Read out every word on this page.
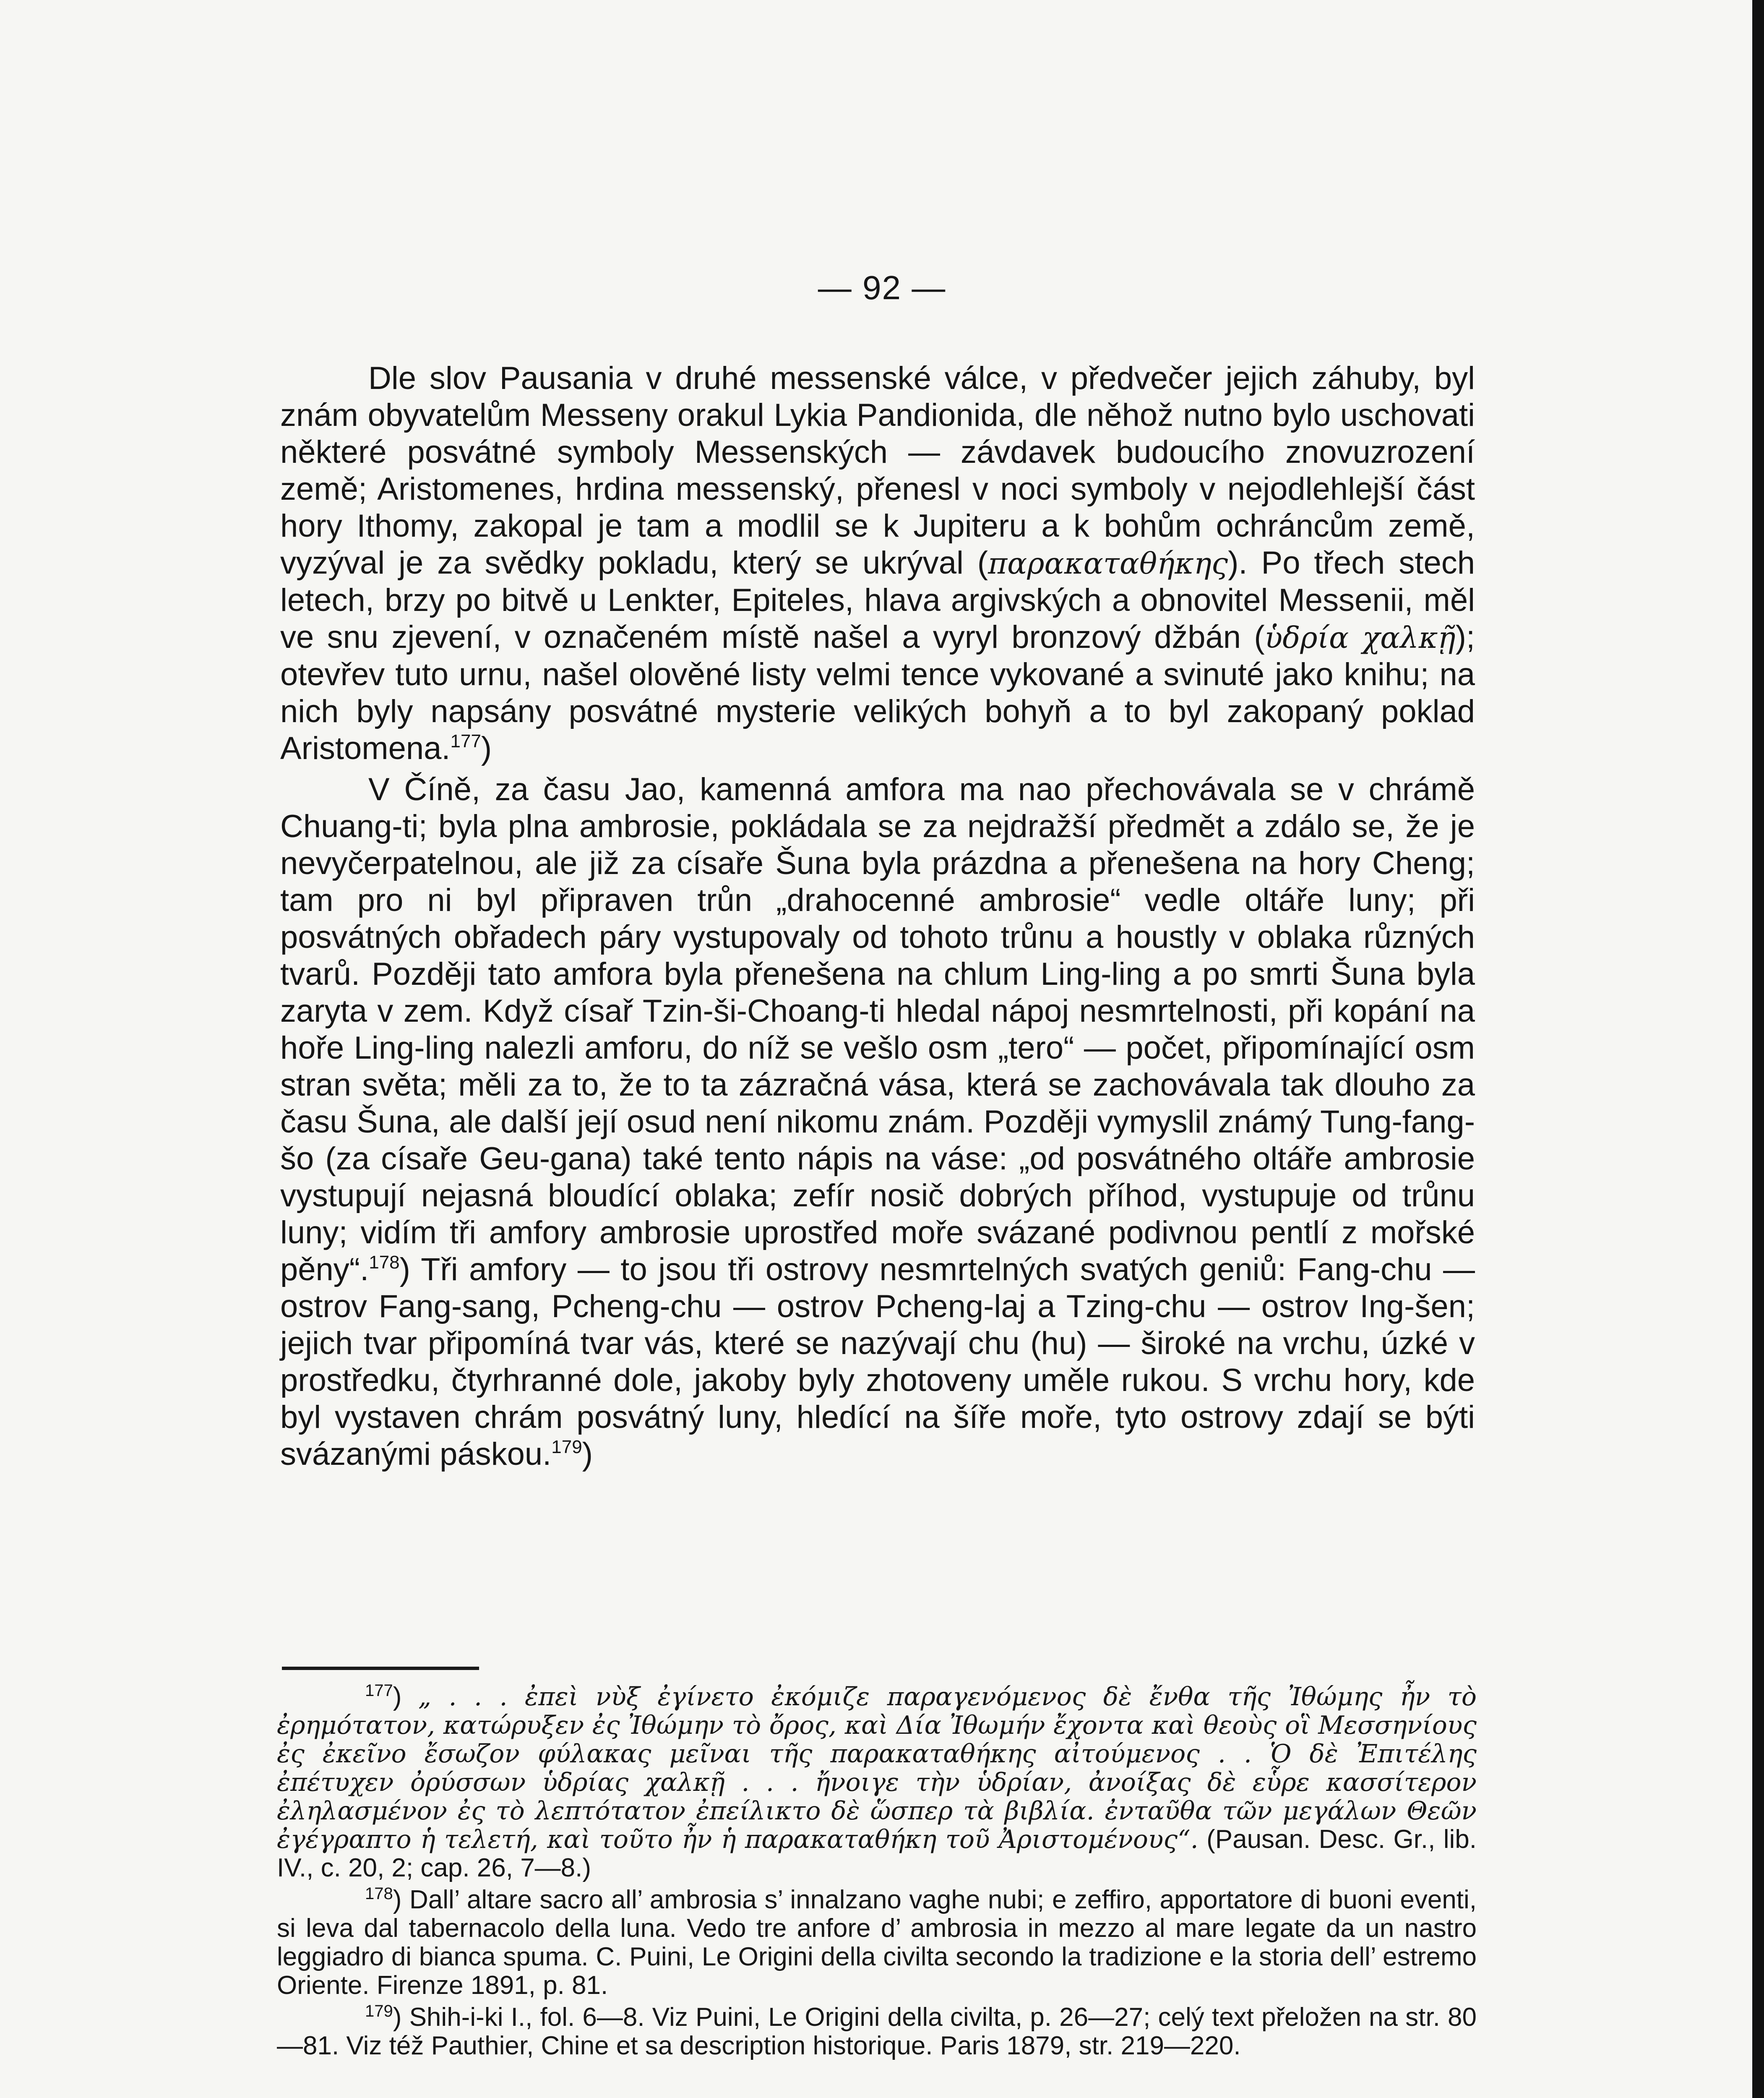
— 92 —

Dle slov Pausania v druhé messenské válce, v předvečer jejich záhuby, byl znám obyvatelům Messeny orakul Lykia Pandionida, dle něhož nutno bylo uschovati některé posvátné symboly Messenských — závdavek budoucího znovuzrození země; Aristomenes, hrdina messenský, přenesl v noci symboly v nejodlehlejší část hory Ithomy, zakopal je tam a modlil se k Jupiteru a k bohům ochráncům země, vyzýval je za svědky pokladu, který se ukrýval (παρακαταθήκης). Po třech stech letech, brzy po bitvě u Lenkter, Epiteles, hlava argivských a obnovitel Messenii, měl ve snu zjevení, v označeném místě našel a vyryl bronzový džbán (ὑδρία χαλκῇ); otevřev tuto urnu, našel olověné listy velmi tence vykované a svinuté jako knihu; na nich byly napsány posvátné mysterie velikých bohyň a to byl zakopaný poklad Aristomena.$^{177}$)

V Číně, za času Jao, kamenná amfora ma nao přechovávala se v chrámě Chuang-ti; byla plna ambrosie, pokládala se za nejdražší předmět a zdálo se, že je nevyčerpatelnou, ale již za císaře Šuna byla prázdna a přenešena na hory Cheng; tam pro ni byl připraven trůn „drahocenné ambrosie“ vedle oltáře luny; při posvátných obřadech páry vystupovaly od tohoto trůnu a houstly v oblaka různých tvarů. Později tato amfora byla přenešena na chlum Ling-ling a po smrti Šuna byla zaryta v zem. Když císař Tzin-ši-Choang-ti hledal nápoj nesmrtelnosti, při kopání na hoře Ling-ling nalezli amforu, do níž se vešlo osm „tero“ — počet, připomínající osm stran světa; měli za to, že to ta zázračná vása, která se zachovávala tak dlouho za času Šuna, ale další její osud není nikomu znám. Později vymyslil známý Tung-fang-šo (za císaře Geu-gana) také tento nápis na váse: „od posvátného oltáře ambrosie vystupují nejasná bloudící oblaka; zefír nosič dobrých příhod, vystupuje od trůnu luny; vidím tři amfory ambrosie uprostřed moře svázané podivnou pentlí z mořské pěny“.$^{178}$) Tři amfory — to jsou tři ostrovy nesmrtelných svatých geniů: Fang-chu — ostrov Fang-sang, Pcheng-chu — ostrov Pcheng-laj a Tzing-chu — ostrov Ing-šen; jejich tvar připomíná tvar vás, které se nazývají chu (hu) — široké na vrchu, úzké v prostředku, čtyrhranné dole, jakoby byly zhotoveny uměle rukou. S vrchu hory, kde byl vystaven chrám posvátný luny, hledící na šíře moře, tyto ostrovy zdají se býti svázanými páskou.$^{179}$)

$^{177}$) „ . . . ἐπεὶ νὺξ ἐγίνετο ἐκόμιζε παραγενόμενος δὲ ἔνθα τῆς Ἰθώμης ἦν τὸ ἐρημότατον, κατώρυξεν ἐς Ἰθώμην τὸ ὄρος, καὶ Δία Ἰθωμήν ἔχοντα καὶ θεοὺς οἳ Μεσσηνίους ἐς ἐκεῖνο ἔσωζον φύλακας μεῖναι τῆς παρακαταθήκης αἰτούμενος . . Ὁ δὲ Ἐπιτέλης ἐπέτυχεν ὀρύσσων ὑδρίας χαλκῇ . . . ἤνοιγε τὴν ὑδρίαν, ἀνοίξας δὲ εὗρε κασσίτερον ἐληλασμένον ἐς τὸ λεπτότατον ἐπείλικτο δὲ ὥσπερ τὰ βιβλία. ἐνταῦθα τῶν μεγάλων Θεῶν ἐγέγραπτο ἡ τελετή, καὶ τοῦτο ἦν ἡ παρακαταθήκη τοῦ Ἀριστομένους“. (Pausan. Desc. Gr., lib. IV., c. 20, 2; cap. 26, 7—8.)

$^{178}$) Dall’ altare sacro all’ ambrosia s’ innalzano vaghe nubi; e zeffiro, apportatore di buoni eventi, si leva dal tabernacolo della luna. Vedo tre anfore d’ ambrosia in mezzo al mare legate da un nastro leggiadro di bianca spuma. C. Puini, Le Origini della civilta secondo la tradizione e la storia dell’ estremo Oriente. Firenze 1891, p. 81.

$^{179}$) Shih-i-ki I., fol. 6—8. Viz Puini, Le Origini della civilta, p. 26—27; celý text přeložen na str. 80—81. Viz též Pauthier, Chine et sa description historique. Paris 1879, str. 219—220.
